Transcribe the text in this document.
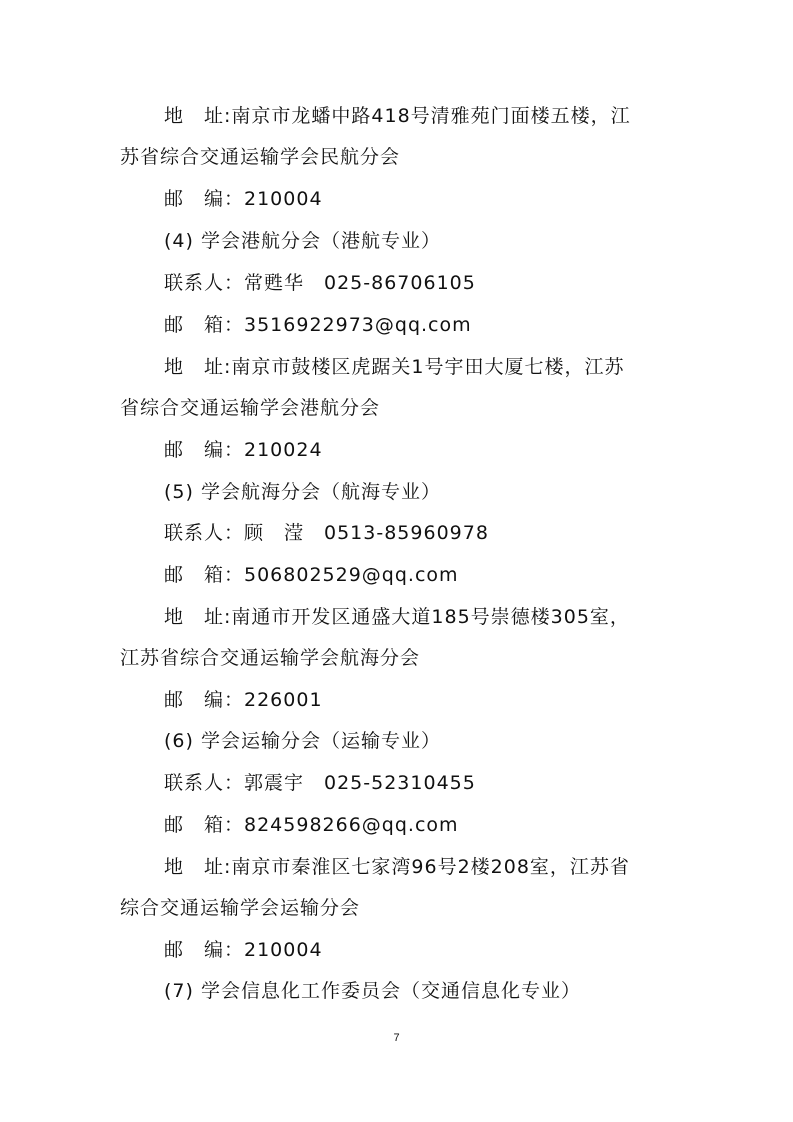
地　址:南京市龙蟠中路418号清雅苑门面楼五楼，江
苏省综合交通运输学会民航分会
邮　编：210004
(4) 学会港航分会（港航专业）
联系人：常甦华　025-86706105
邮　箱：3516922973@qq.com
地　址:南京市鼓楼区虎踞关1号宇田大厦七楼，江苏
省综合交通运输学会港航分会
邮　编：210024
(5) 学会航海分会（航海专业）
联系人：顾　滢　0513-85960978
邮　箱：506802529@qq.com
地　址:南通市开发区通盛大道185号崇德楼305室，
江苏省综合交通运输学会航海分会
邮　编：226001
(6) 学会运输分会（运输专业）
联系人：郭震宇　025-52310455
邮　箱：824598266@qq.com
地　址:南京市秦淮区七家湾96号2楼208室，江苏省
综合交通运输学会运输分会
邮　编：210004
(7) 学会信息化工作委员会（交通信息化专业）
7
